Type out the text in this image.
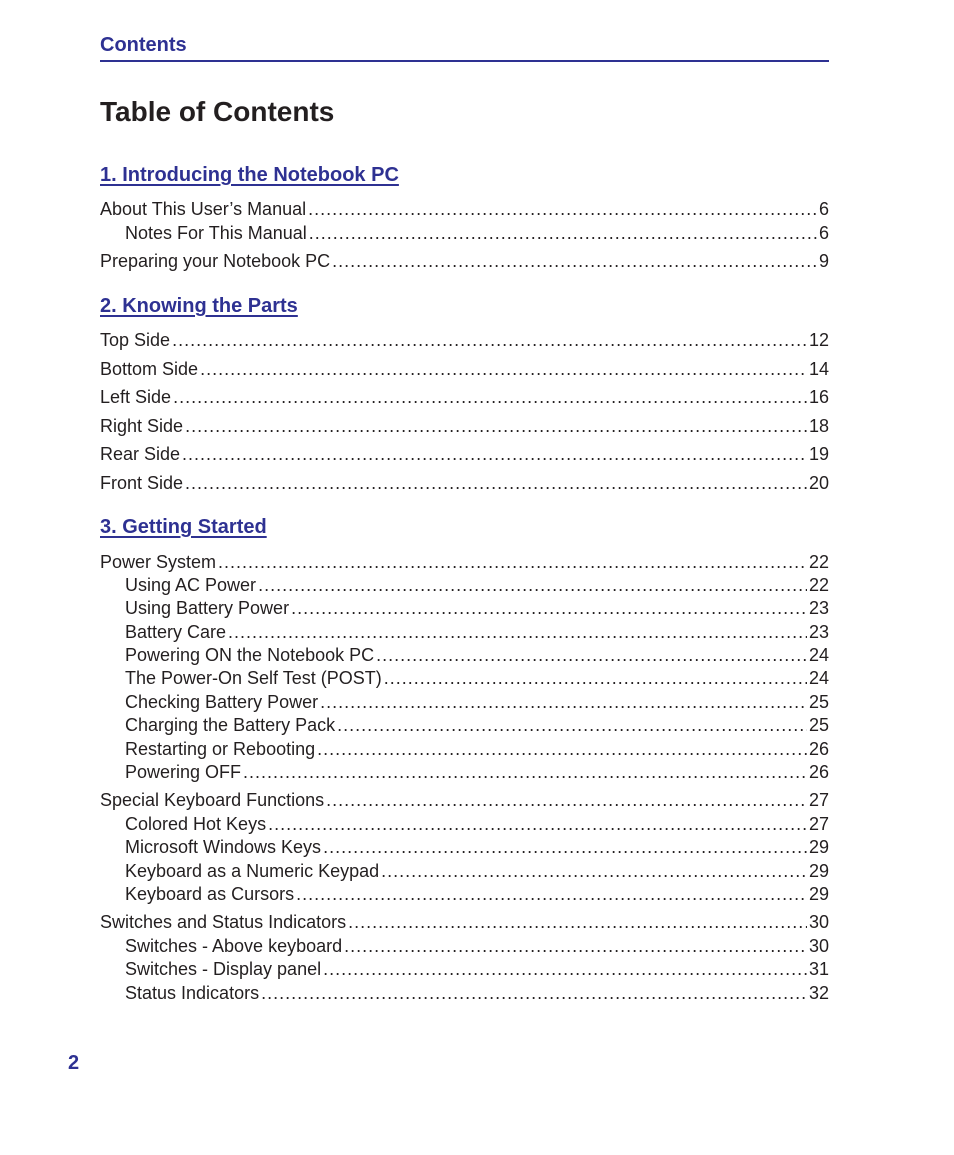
Contents
Table of Contents
1. Introducing the Notebook PC
About This User’s Manual .....	6
Notes For This Manual .....	6
Preparing your Notebook PC .....	9
2. Knowing the Parts
Top Side .....	12
Bottom Side .....	14
Left Side .....	16
Right Side .....	18
Rear Side .....	19
Front Side .....	20
3. Getting Started
Power System .....	22
Using AC Power .....	22
Using Battery Power .....	23
Battery Care .....	23
Powering ON the Notebook PC .....	24
The Power-On Self Test (POST) .....	24
Checking Battery Power .....	25
Charging the Battery Pack .....	25
Restarting or Rebooting .....	26
Powering OFF .....	26
Special Keyboard Functions .....	27
Colored Hot Keys .....	27
Microsoft Windows Keys .....	29
Keyboard as a Numeric Keypad .....	29
Keyboard as Cursors .....	29
Switches and Status Indicators .....	30
Switches - Above keyboard .....	30
Switches - Display panel .....	31
Status Indicators .....	32
2
